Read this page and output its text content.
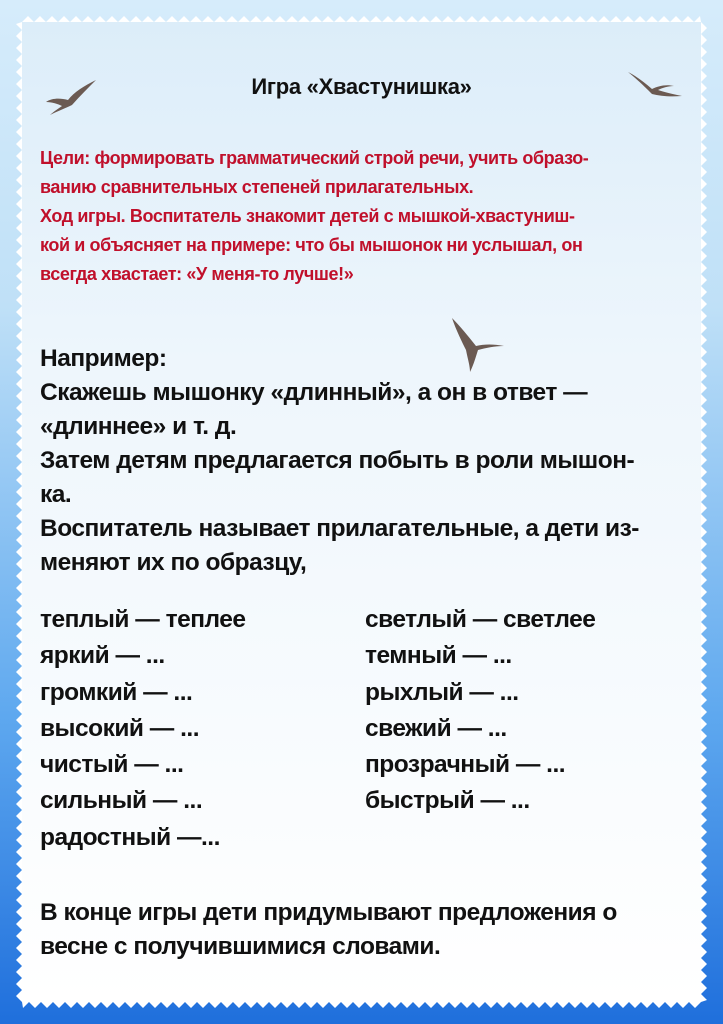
Игра «Хвастунишка»

Цели: формировать грамматический строй речи, учить образо-

ванию сравнительных степеней прилагательных.

Ход игры. Воспитатель знакомит детей с мышкой-хвастуниш-

кой и объясняет на примере: что бы мышонок ни услышал, он

всегда хвастает: «У меня-то лучше!»

Например:

Скажешь мышонку «длинный», а он в ответ —

«длиннее» и т. д.

Затем детям предлагается побыть в роли мышон-

ка.

Воспитатель называет прилагательные, а дети из-

меняют их по образцу,

теплый — теплее	светлый — светлее
яркий — ...	темный — ...
громкий — ...	рыхлый — ...
высокий — ...	свежий — ...
чистый — ...	прозрачный — ...
сильный — ...	быстрый — ...
радостный —...

В конце игры дети придумывают предложения о

весне с получившимися словами.
